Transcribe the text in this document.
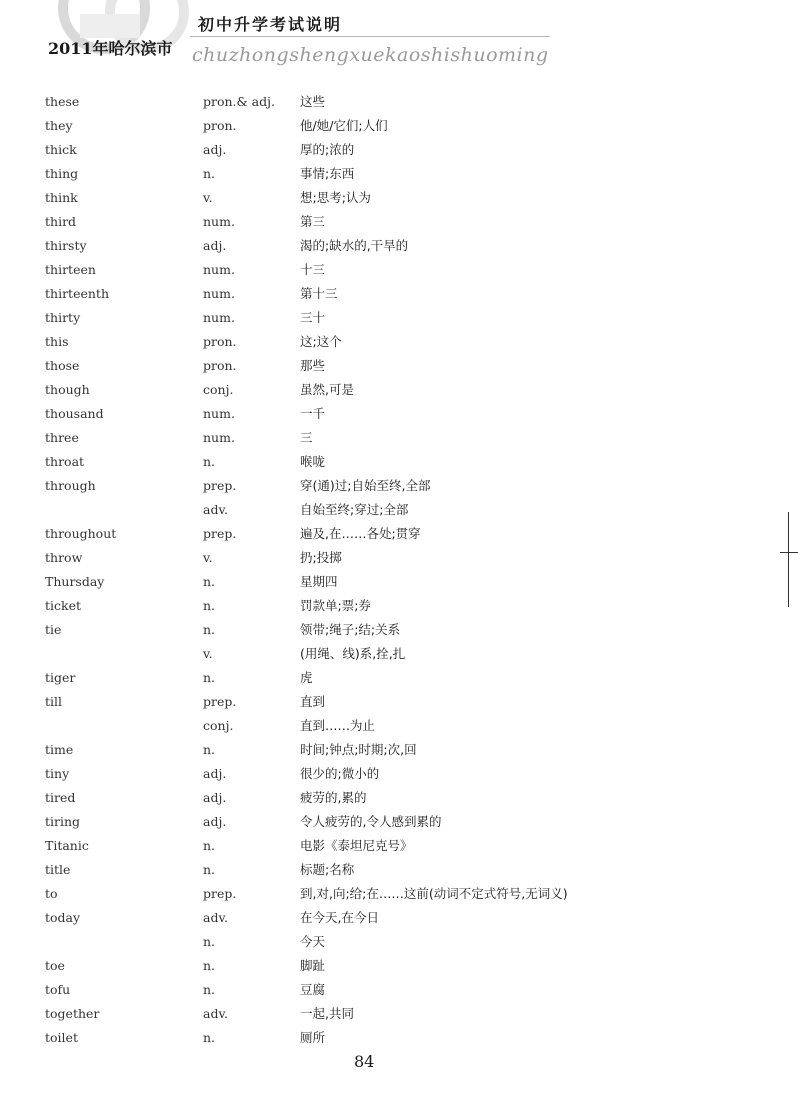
2011年哈尔滨市
初中升学考试说明
chuzhongshengxuekaoshishuoming
these	pron.& adj. 这些
they	pron.	他/她/它们;人们
thick	adj.	厚的;浓的
thing	n.	事情;东西
think	v.	想;思考;认为
third	num.	第三
thirsty	adj.	渴的;缺水的,干旱的
thirteen	num.	十三
thirteenth	num.	第十三
thirty	num.	三十
this	pron.	这;这个
those	pron.	那些
though	conj.	虽然,可是
thousand	num.	一千
three	num.	三
throat	n.	喉咙
through	prep.	穿(通)过;自始至终,全部
adv.	自始至终;穿过;全部
throughout	prep.	遍及,在……各处;贯穿
throw	v.	扔;投掷
Thursday	n.	星期四
ticket	n.	罚款单;票;券
tie	n.	领带;绳子;结;关系
v.	(用绳、线)系,拴,扎
tiger	n.	虎
till	prep.	直到
conj.	直到……为止
time	n.	时间;钟点;时期;次,回
tiny	adj.	很少的;微小的
tired	adj.	疲劳的,累的
tiring	adj.	令人疲劳的,令人感到累的
Titanic	n.	电影《泰坦尼克号》
title	n.	标题;名称
to	prep.	到,对,向;给;在……这前(动词不定式符号,无词义)
today	adv.	在今天,在今日
n.	今天
toe	n.	脚趾
tofu	n.	豆腐
together	adv.	一起,共同
toilet	n.	厕所
84
